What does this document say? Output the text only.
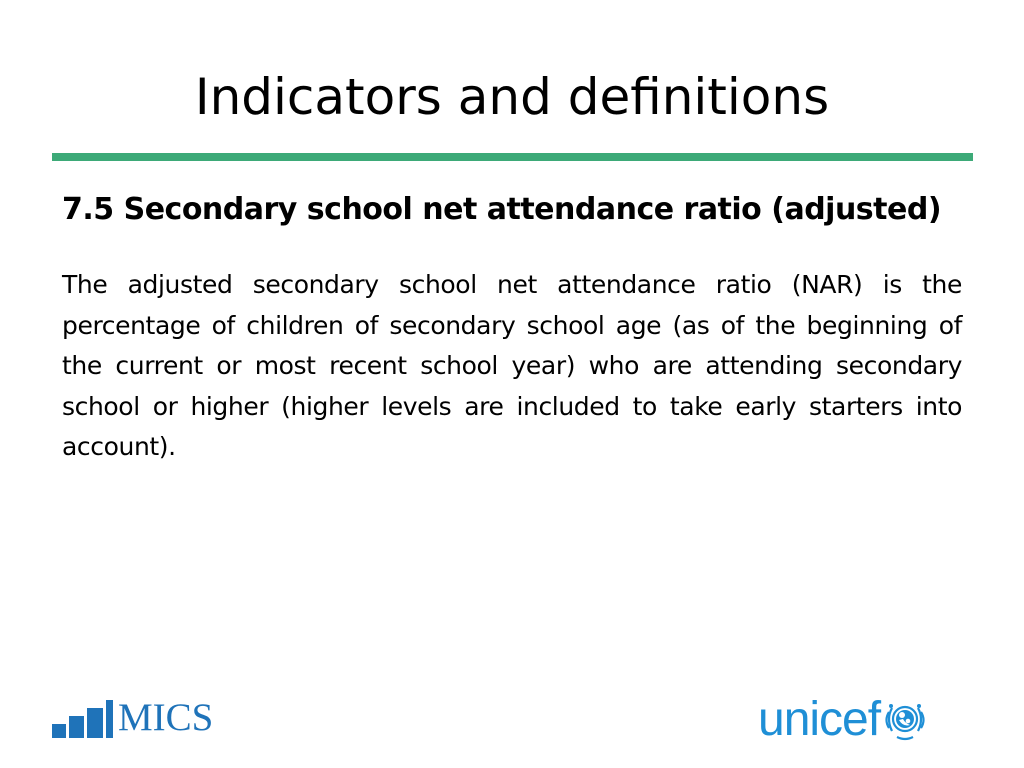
Indicators and definitions
7.5 Secondary school net attendance ratio (adjusted)

The adjusted secondary school net attendance ratio (NAR) is the percentage of children of secondary school age (as of the beginning of the current or most recent school year) who are attending secondary school or higher (higher levels are included to take early starters into account).

MICS	unicef
